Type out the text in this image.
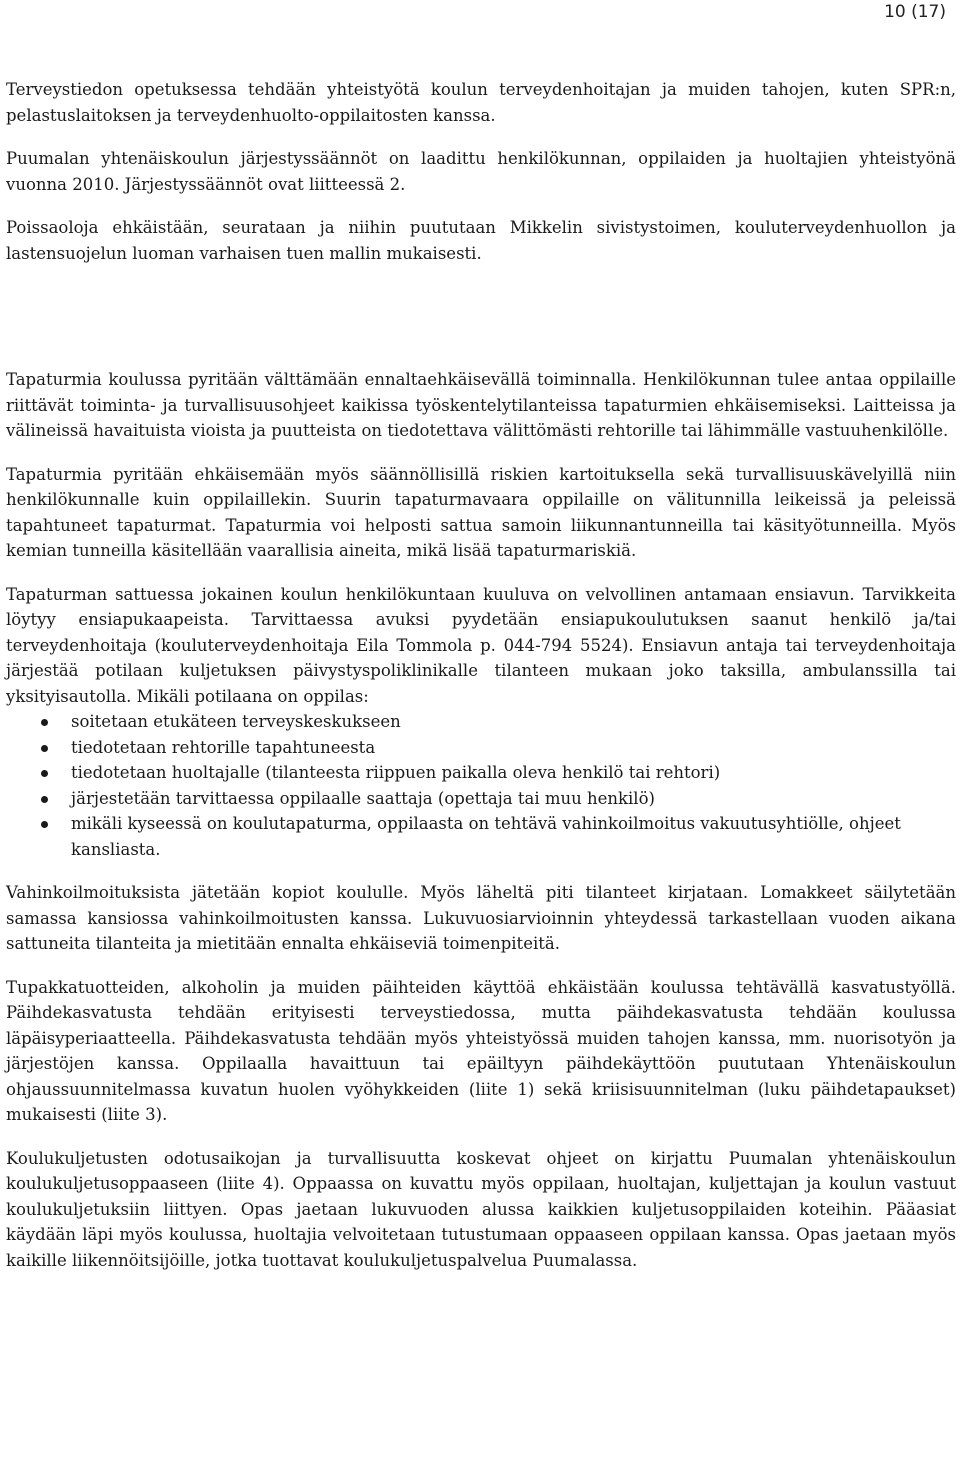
10 (17)

Terveystiedon opetuksessa tehdään yhteistyötä koulun terveydenhoitajan ja muiden tahojen, kuten SPR:n, pelastuslaitoksen ja terveydenhuolto-oppilaitosten kanssa.

Puumalan yhtenäiskoulun järjestyssäännöt on laadittu henkilökunnan, oppilaiden ja huoltajien yhteistyönä vuonna 2010. Järjestyssäännöt ovat liitteessä 2.

Poissaoloja ehkäistään, seurataan ja niihin puututaan Mikkelin sivistystoimen, kouluterveydenhuollon ja lastensuojelun luoman varhaisen tuen mallin mukaisesti.

Tapaturmia koulussa pyritään välttämään ennaltaehkäisevällä toiminnalla. Henkilökunnan tulee antaa oppilaille riittävät toiminta- ja turvallisuusohjeet kaikissa työskentelytilanteissa tapaturmien ehkäisemiseksi. Laitteissa ja välineissä havaituista vioista ja puutteista on tiedotettava välittömästi rehtorille tai lähimmälle vastuuhenkilölle.

Tapaturmia pyritään ehkäisemään myös säännöllisillä riskien kartoituksella sekä turvallisuuskävelyillä niin henkilökunnalle kuin oppilaillekin. Suurin tapaturmavaara oppilaille on välitunnilla leikeissä ja peleissä tapahtuneet tapaturmat. Tapaturmia voi helposti sattua samoin liikunnantunneilla tai käsityötunneilla. Myös kemian tunneilla käsitellään vaarallisia aineita, mikä lisää tapaturmariskiä.

Tapaturman sattuessa jokainen koulun henkilökuntaan kuuluva on velvollinen antamaan ensiavun. Tarvikkeita löytyy ensiapukaapeista. Tarvittaessa avuksi pyydetään ensiapukoulutuksen saanut henkilö ja/tai terveydenhoitaja (kouluterveydenhoitaja Eila Tommola p. 044-794 5524). Ensiavun antaja tai terveydenhoitaja järjestää potilaan kuljetuksen päivystyspoliklinikalle tilanteen mukaan joko taksilla, ambulanssilla tai yksityisautolla. Mikäli potilaana on oppilas:

soitetaan etukäteen terveyskeskukseen
tiedotetaan rehtorille tapahtuneesta
tiedotetaan huoltajalle (tilanteesta riippuen paikalla oleva henkilö tai rehtori)
järjestetään tarvittaessa oppilaalle saattaja (opettaja tai muu henkilö)
mikäli kyseessä on koulutapaturma, oppilaasta on tehtävä vahinkoilmoitus vakuutusyhtiölle, ohjeet kansliasta.

Vahinkoilmoituksista jätetään kopiot koululle. Myös läheltä piti tilanteet kirjataan. Lomakkeet säilytetään samassa kansiossa vahinkoilmoitusten kanssa. Lukuvuosiarvioinnin yhteydessä tarkastellaan vuoden aikana sattuneita tilanteita ja mietitään ennalta ehkäiseviä toimenpiteitä.

Tupakkatuotteiden, alkoholin ja muiden päihteiden käyttöä ehkäistään koulussa tehtävällä kasvatustyöllä. Päihdekasvatusta tehdään erityisesti terveystiedossa, mutta päihdekasvatusta tehdään koulussa läpäisyperiaatteella. Päihdekasvatusta tehdään myös yhteistyössä muiden tahojen kanssa, mm. nuorisotyön ja järjestöjen kanssa. Oppilaalla havaittuun tai epäiltyyn päihdekäyttöön puututaan Yhtenäiskoulun ohjaussuunnitelmassa kuvatun huolen vyöhykkeiden (liite 1) sekä kriisisuunnitelman (luku päihdetapaukset) mukaisesti (liite 3).

Koulukuljetusten odotusaikojan ja turvallisuutta koskevat ohjeet on kirjattu Puumalan yhtenäiskoulun koulukuljetusoppaaseen (liite 4). Oppaassa on kuvattu myös oppilaan, huoltajan, kuljettajan ja koulun vastuut koulukuljetuksiin liittyen. Opas jaetaan lukuvuoden alussa kaikkien kuljetusoppilaiden koteihin. Pääasiat käydään läpi myös koulussa, huoltajia velvoitetaan tutustumaan oppaaseen oppilaan kanssa. Opas jaetaan myös kaikille liikennöitsijöille, jotka tuottavat koulukuljetuspalvelua Puumalassa.
